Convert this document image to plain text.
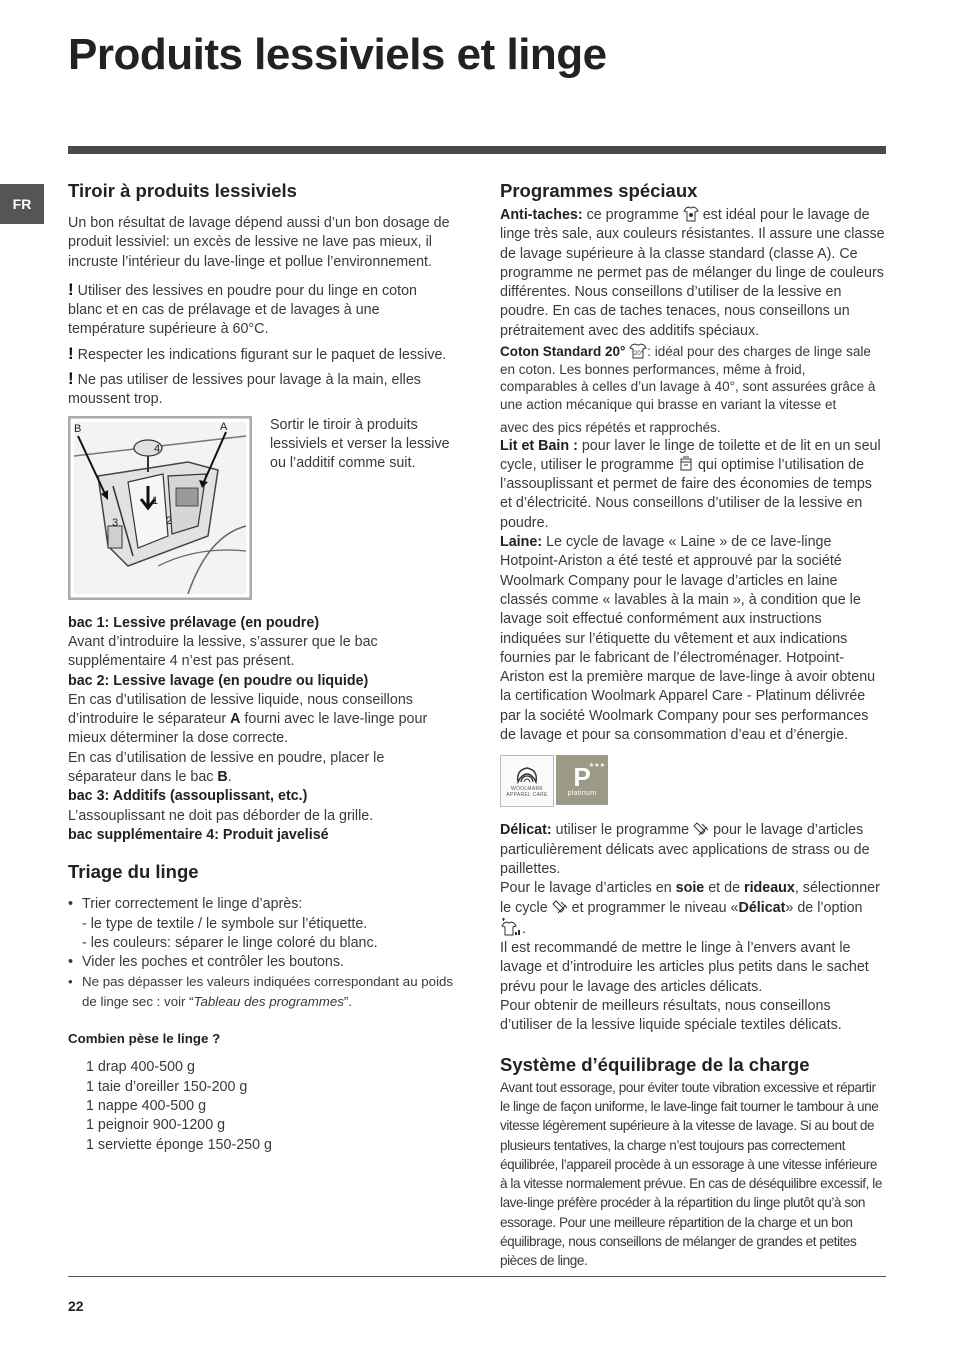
Produits lessiviels et linge
FR
Tiroir à produits lessiviels

Un bon résultat de lavage dépend aussi d’un bon dosage de produit lessiviel: un excès de lessive ne lave pas mieux, il incruste l’intérieur du lave-linge et pollue l’environnement.

! Utiliser des lessives en poudre pour du linge en coton blanc et en cas de prélavage et de lavages à une température supérieure à 60°C.

! Respecter les indications figurant sur le paquet de lessive.

! Ne pas utiliser de lessives pour lavage à la main, elles moussent trop.

B	A
4
1
2
3

Sortir le tiroir à produits lessiviels et verser la lessive ou l’additif comme suit.

bac 1: Lessive prélavage (en poudre)

Avant d’introduire la lessive, s’assurer que le bac supplémentaire 4 n’est pas présent.

bac 2: Lessive lavage (en poudre ou liquide)

En cas d’utilisation de lessive liquide, nous conseillons d’introduire le séparateur A fourni avec le lave-linge pour mieux déterminer la dose correcte.

En cas d’utilisation de lessive en poudre, placer le séparateur dans le bac B.

bac 3: Additifs (assouplissant, etc.)

L’assouplissant ne doit pas déborder de la grille.

bac supplémentaire 4: Produit javelisé

Triage du linge
• Trier correctement le linge d’après:
- le type de textile / le symbole sur l’étiquette.
- les couleurs: séparer le linge coloré du blanc.
• Vider les poches et contrôler les boutons.
• Ne pas dépasser les valeurs indiquées correspondant au poids de linge sec : voir “Tableau des programmes”.

Combien pèse le linge ?

1 drap 400-500 g
1 taie d’oreiller 150-200 g
1 nappe 400-500 g
1 peignoir 900-1200 g
1 serviette éponge 150-250 g
Programmes spéciaux

Anti-taches: ce programme  est idéal pour le lavage de linge très sale, aux couleurs résistantes. Il assure une classe de lavage supérieure à la classe standard (classe A). Ce programme ne permet pas de mélanger du linge de couleurs différentes. Nous conseillons d’utiliser de la lessive en poudre. En cas de taches tenaces, nous conseillons un prétraitement avec des additifs spéciaux.

Coton Standard 20° 20° : idéal pour des charges de linge sale en coton. Les bonnes performances, même à froid, comparables à celles d’un lavage à 40°, sont assurées grâce à une action mécanique qui brasse en variant la vitesse et

avec des pics répétés et rapprochés.

Lit et Bain : pour laver le linge de toilette et de lit en un seul cycle, utiliser le programme  qui optimise l’utilisation de l’assouplissant et permet de faire des économies de temps et d’électricité. Nous conseillons d’utiliser de la lessive en poudre.

Laine: Le cycle de lavage « Laine » de ce lave-linge Hotpoint-Ariston a été testé et approuvé par la société Woolmark Company pour le lavage d’articles en laine classés comme « lavables à la main », à condition que le lavage soit effectué conformément aux instructions indiquées sur l’étiquette du vêtement et aux indications fournies par le fabricant de l’électroménager. Hotpoint-Ariston est la première marque de lave-linge à avoir obtenu la certification Woolmark Apparel Care - Platinum délivrée par la société Woolmark Company pour ses performances de lavage et pour sa consommation d’eau et d’énergie.

WOOLMARK
APPAREL CARE
★★★
P
platinum

Délicat: utiliser le programme  pour le lavage d’articles particulièrement délicats avec applications de strass ou de paillettes.

Pour le lavage d’articles en soie et de rideaux, sélectionner le cycle  et programmer le niveau «Délicat» de l’option .

Il est recommandé de mettre le linge à l’envers avant le lavage et d’introduire les articles plus petits dans le sachet prévu pour le lavage des articles délicats.

Pour obtenir de meilleurs résultats, nous conseillons d’utiliser de la lessive liquide spéciale textiles délicats.

Système d’équilibrage de la charge

Avant tout essorage, pour éviter toute vibration excessive et répartir le linge de façon uniforme, le lave-linge fait tourner le tambour à une vitesse légèrement supérieure à la vitesse de lavage. Si au bout de plusieurs tentatives, la charge n’est toujours pas correctement équilibrée, l’appareil procède à un essorage à une vitesse inférieure à la vitesse normalement prévue. En cas de déséquilibre excessif, le lave-linge préfère procéder à la répartition du linge plutôt qu’à son essorage. Pour une meilleure répartition de la charge et un bon équilibrage, nous conseillons de mélanger de grandes et petites pièces de linge.

22
